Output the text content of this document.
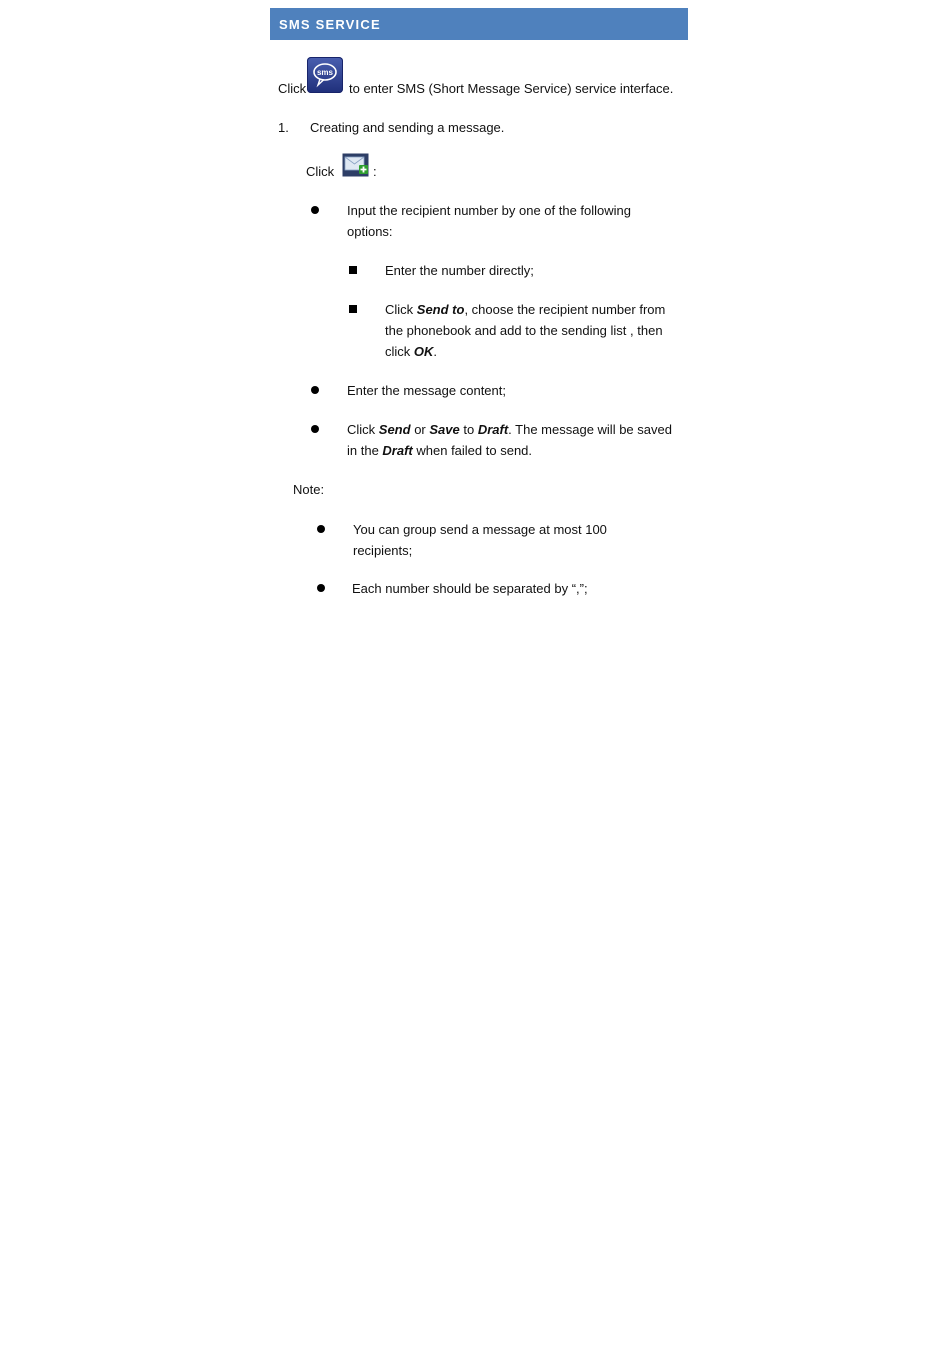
SMS SERVICE
Click
sms
to enter SMS (Short Message Service) service interface.
1. Creating and sending a message.
Click	:
Input the recipient number by one of the following options:
Enter the number directly;
Click Send to, choose the recipient number from the phonebook and add to the sending list , then click OK.
Enter the message content;
Click Send or Save to Draft. The message will be saved in the Draft when failed to send.
Note:
You can group send a message at most 100 recipients;
Each number should be separated by “,”;
